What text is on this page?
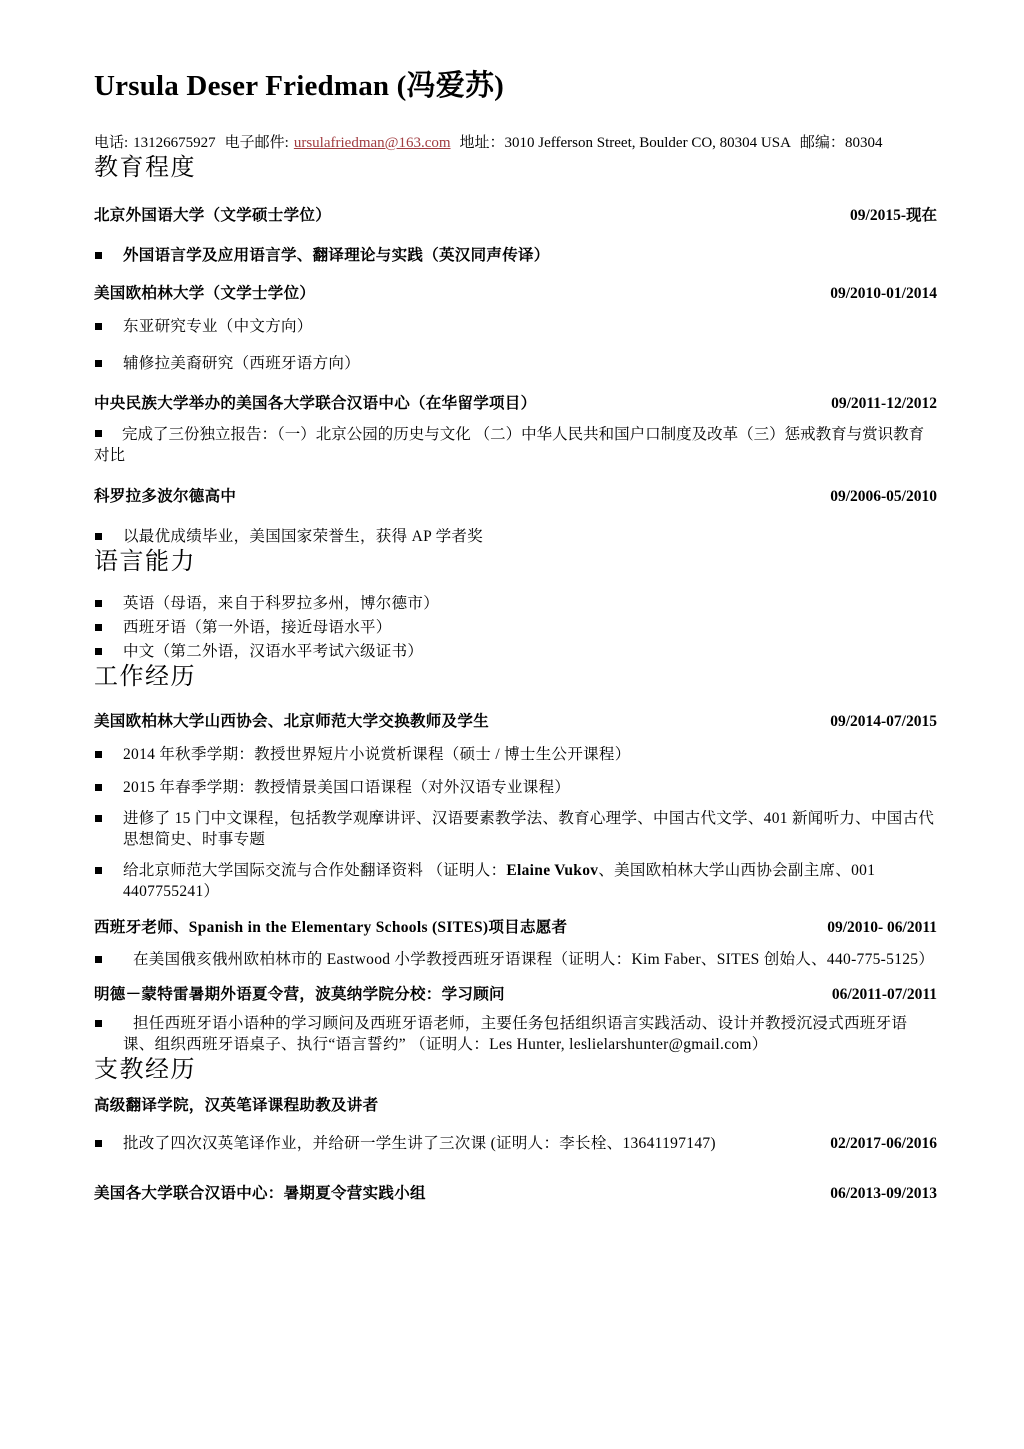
Ursula Deser Friedman (冯爱苏)

电话: 13126675927 电子邮件: ursulafriedman@163.com 地址：3010 Jefferson Street, Boulder CO, 80304 USA 邮编：80304

教育程度
北京外国语大学（文学硕士学位）	09/2015-现在
外国语言学及应用语言学、翻译理论与实践（英汉同声传译）
美国欧柏林大学（文学士学位）	09/2010-01/2014
东亚研究专业（中文方向）
辅修拉美裔研究（西班牙语方向）
中央民族大学举办的美国各大学联合汉语中心（在华留学项目）	09/2011-12/2012
完成了三份独立报告：（一）北京公园的历史与文化 （二）中华人民共和国户口制度及改革（三）惩戒教育与赏识教育对比
科罗拉多波尔德高中	09/2006-05/2010
以最优成绩毕业，美国国家荣誉生，获得 AP 学者奖
语言能力
英语（母语，来自于科罗拉多州，博尔德市）
西班牙语（第一外语，接近母语水平）
中文（第二外语，汉语水平考试六级证书）
工作经历
美国欧柏林大学山西协会、北京师范大学交换教师及学生	09/2014-07/2015
2014 年秋季学期：教授世界短片小说赏析课程（硕士 / 博士生公开课程）
2015 年春季学期：教授情景美国口语课程（对外汉语专业课程）
进修了 15 门中文课程，包括教学观摩讲评、汉语要素教学法、教育心理学、中国古代文学、401 新闻听力、中国古代思想简史、时事专题
给北京师范大学国际交流与合作处翻译资料 （证明人：Elaine Vukov、美国欧柏林大学山西协会副主席、001 4407755241）
西班牙老师、Spanish in the Elementary Schools (SITES)项目志愿者	09/2010- 06/2011
在美国俄亥俄州欧柏林市的 Eastwood 小学教授西班牙语课程（证明人：Kim Faber、SITES 创始人、440-775-5125）
明德－蒙特雷暑期外语夏令营，波莫纳学院分校：学习顾问	06/2011-07/2011
担任西班牙语小语种的学习顾问及西班牙语老师，主要任务包括组织语言实践活动、设计并教授沉浸式西班牙语课、组织西班牙语桌子、执行“语言誓约” （证明人：Les Hunter, leslielarshunter@gmail.com）
支教经历
高级翻译学院，汉英笔译课程助教及讲者
批改了四次汉英笔译作业，并给研一学生讲了三次课 (证明人：李长栓、13641197147)	02/2017-06/2016
美国各大学联合汉语中心：暑期夏令营实践小组	06/2013-09/2013
